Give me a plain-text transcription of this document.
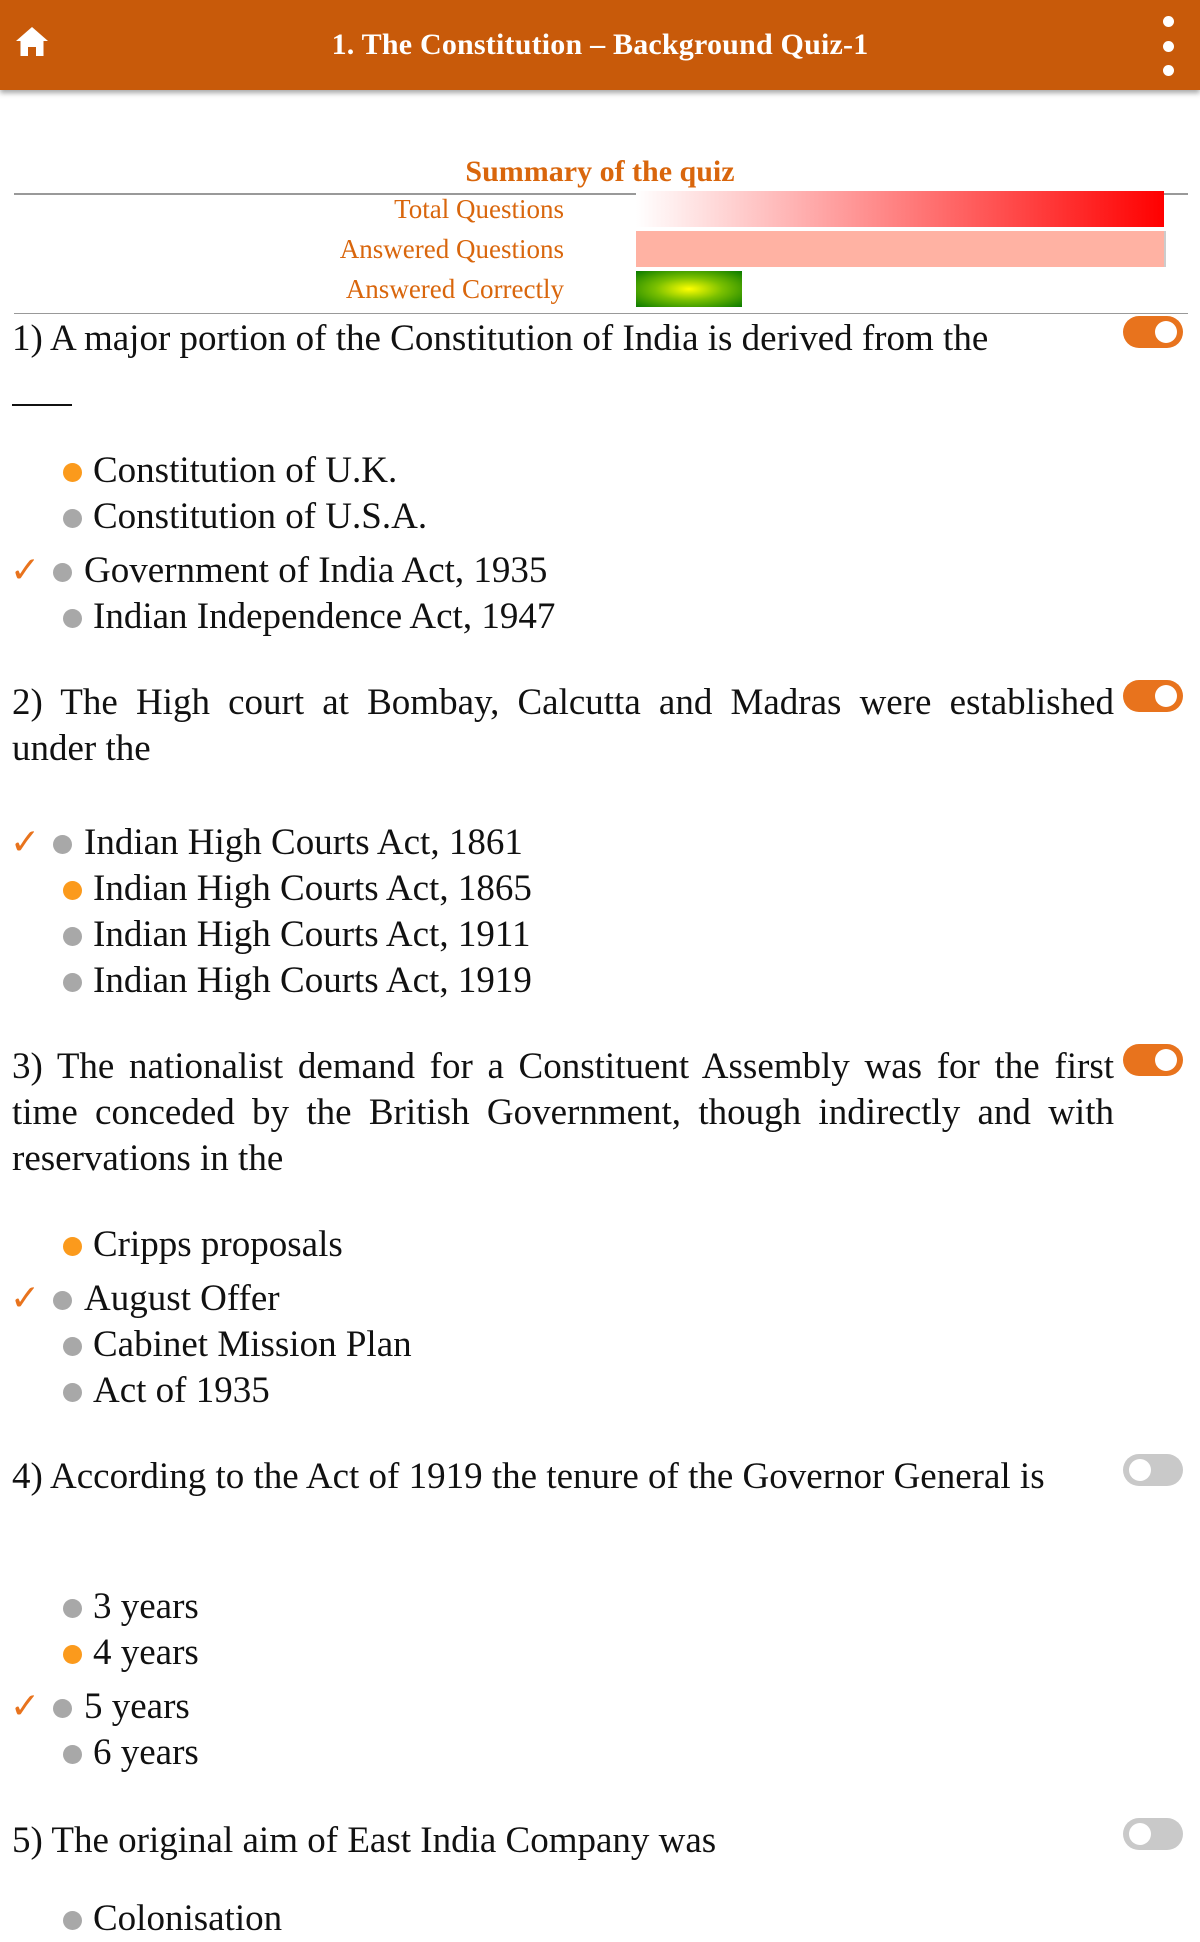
1. The Constitution – Background Quiz-1
Summary of the quiz
Total Questions
Answered Questions
Answered Correctly

1) A major portion of the Constitution of India is derived from the

Constitution of U.K.
Constitution of U.S.A.
✓ Government of India Act, 1935
Indian Independence Act, 1947

2) The High court at Bombay, Calcutta and Madras were established under the

✓ Indian High Courts Act, 1861
Indian High Courts Act, 1865
Indian High Courts Act, 1911
Indian High Courts Act, 1919

3) The nationalist demand for a Constituent Assembly was for the first time conceded by the British Government, though indirectly and with reservations in the

Cripps proposals
✓ August Offer
Cabinet Mission Plan
Act of 1935

4) According to the Act of 1919 the tenure of the Governor General is

3 years
4 years
✓ 5 years
6 years

5) The original aim of East India Company was

Colonisation
